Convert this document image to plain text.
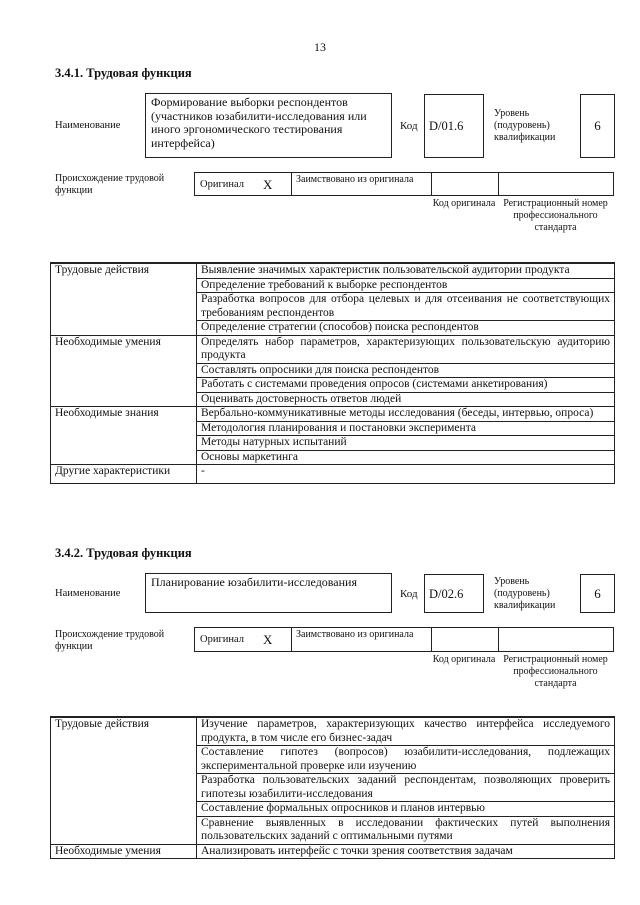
13
3.4.1. Трудовая функция
Наименование
Формирование выборки респондентов (участников юзабилити-исследования или иного эргономического тестирования интерфейса)
Код D/01.6
Уровень (подуровень) квалификации
6
Происхождение трудовой функции
Оригинал X Заимствовано из оригинала
Код оригинала Регистрационный номер профессионального стандарта
Трудовые действия	Выявление значимых характеристик пользовательской аудитории продукта
	Определение требований к выборке респондентов
	Разработка вопросов для отбора целевых и для отсеивания не соответствующих требованиям респондентов
	Определение стратегии (способов) поиска респондентов
Необходимые умения	Определять набор параметров, характеризующих пользовательскую аудиторию продукта
	Составлять опросники для поиска респондентов
	Работать с системами проведения опросов (системами анкетирования)
	Оценивать достоверность ответов людей
Необходимые знания	Вербально-коммуникативные методы исследования (беседы, интервью, опроса)
	Методология планирования и постановки эксперимента
	Методы натурных испытаний
	Основы маркетинга
Другие характеристики	-
3.4.2. Трудовая функция
Наименование
Планирование юзабилити-исследования
Код D/02.6
Уровень (подуровень) квалификации
6
Происхождение трудовой функции
Оригинал X Заимствовано из оригинала
Код оригинала Регистрационный номер профессионального стандарта
Трудовые действия	Изучение параметров, характеризующих качество интерфейса исследуемого продукта, в том числе его бизнес-задач
	Составление гипотез (вопросов) юзабилити-исследования, подлежащих экспериментальной проверке или изучению
	Разработка пользовательских заданий респондентам, позволяющих проверить гипотезы юзабилити-исследования
	Составление формальных опросников и планов интервью
	Сравнение выявленных в исследовании фактических путей выполнения пользовательских заданий с оптимальными путями
Необходимые умения	Анализировать интерфейс с точки зрения соответствия задачам
